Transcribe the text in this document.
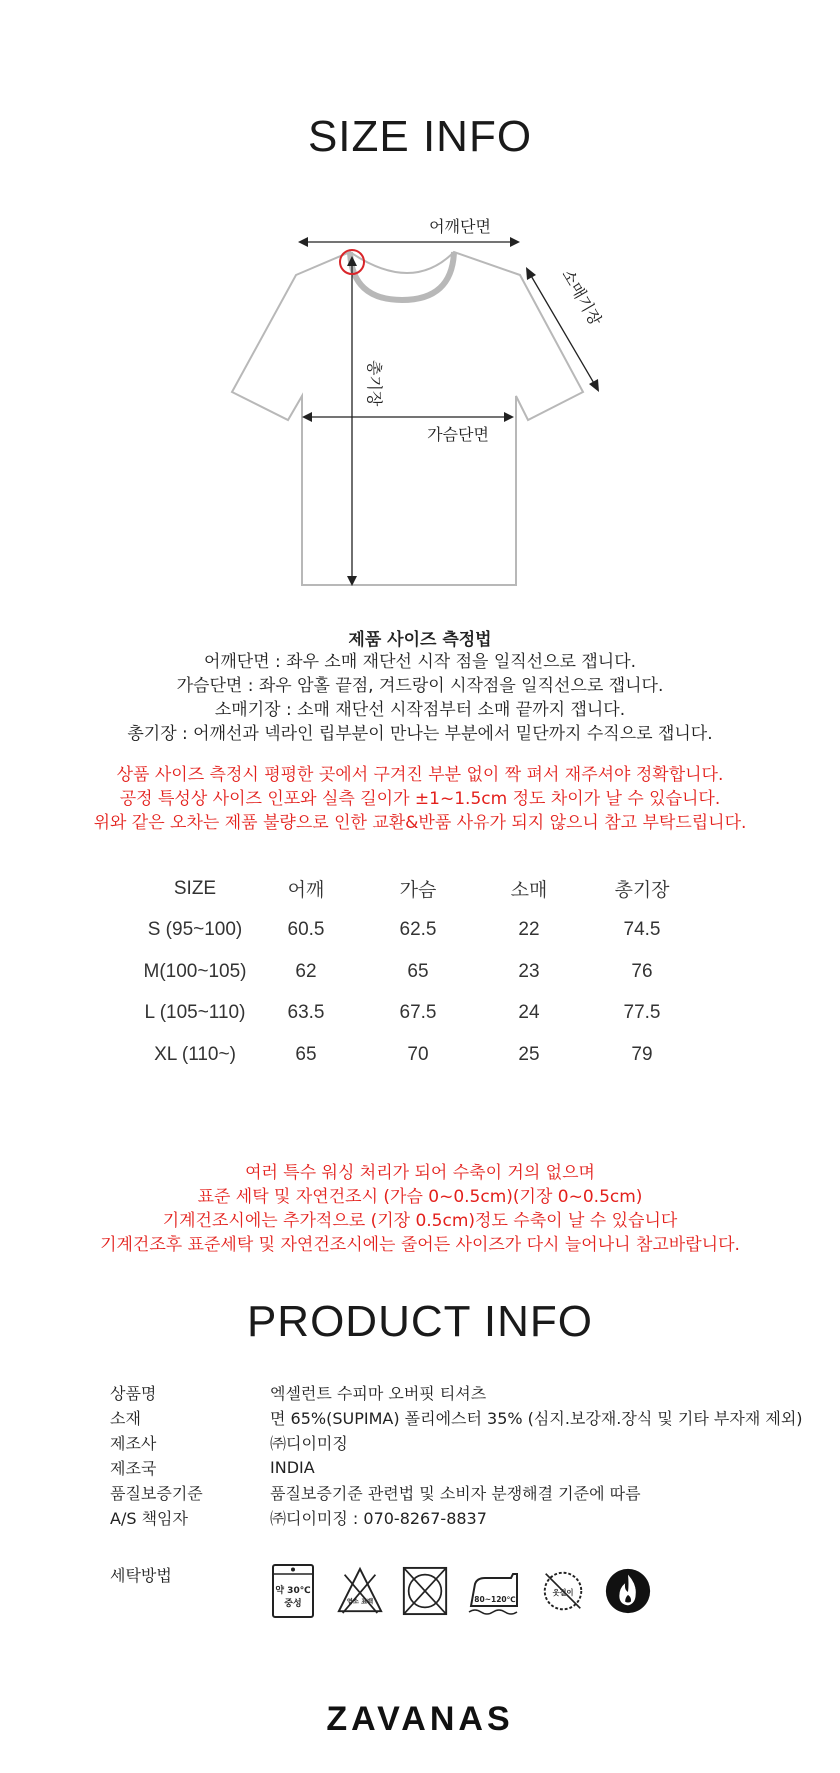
SIZE INFO
어깨단면
소매기장
총기장
가슴단면
제품 사이즈 측정법

어깨단면 : 좌우 소매 재단선 시작 점을 일직선으로 잽니다.

가슴단면 : 좌우 암홀 끝점, 겨드랑이 시작점을 일직선으로 잽니다.

소매기장 : 소매 재단선 시작점부터 소매 끝까지 잽니다.

총기장 : 어깨선과 넥라인 립부분이 만나는 부분에서 밑단까지 수직으로 잽니다.

상품 사이즈 측정시 평평한 곳에서 구겨진 부분 없이 짝 펴서 재주셔야 정확합니다.

공정 특성상 사이즈 인포와 실측 길이가 ±1~1.5cm 정도 차이가 날 수 있습니다.

위와 같은 오차는 제품 불량으로 인한 교환&반품 사유가 되지 않으니 참고 부탁드립니다.

SIZE	어깨	가슴	소매	총기장
S (95~100)	60.5	62.5	22	74.5
M(100~105)	62	65	23	76
L (105~110)	63.5	67.5	24	77.5
XL (110~)	65	70	25	79

여러 특수 워싱 처리가 되어 수축이 거의 없으며

표준 세탁 및 자연건조시 (가슴 0~0.5cm)(기장 0~0.5cm)

기계건조시에는 추가적으로 (기장 0.5cm)정도 수축이 날 수 있습니다

기계건조후 표준세탁 및 자연건조시에는 줄어든 사이즈가 다시 늘어나니 참고바랍니다.

PRODUCT INFO
상품명	엑셀런트 수피마 오버핏 티셔츠
소재	면 65%(SUPIMA) 폴리에스터 35% (심지.보강재.장식 및 기타 부자재 제외)
제조사	㈜디이미징
제조국	INDIA
품질보증기준	품질보증기준 관련법 및 소비자 분쟁해결 기준에 따름
A/S 책임자	㈜디이미징 : 070-8267-8837
세탁방법
약 30℃
중성	염소 표백	80~120℃
웃걸이
ZAVANAS
